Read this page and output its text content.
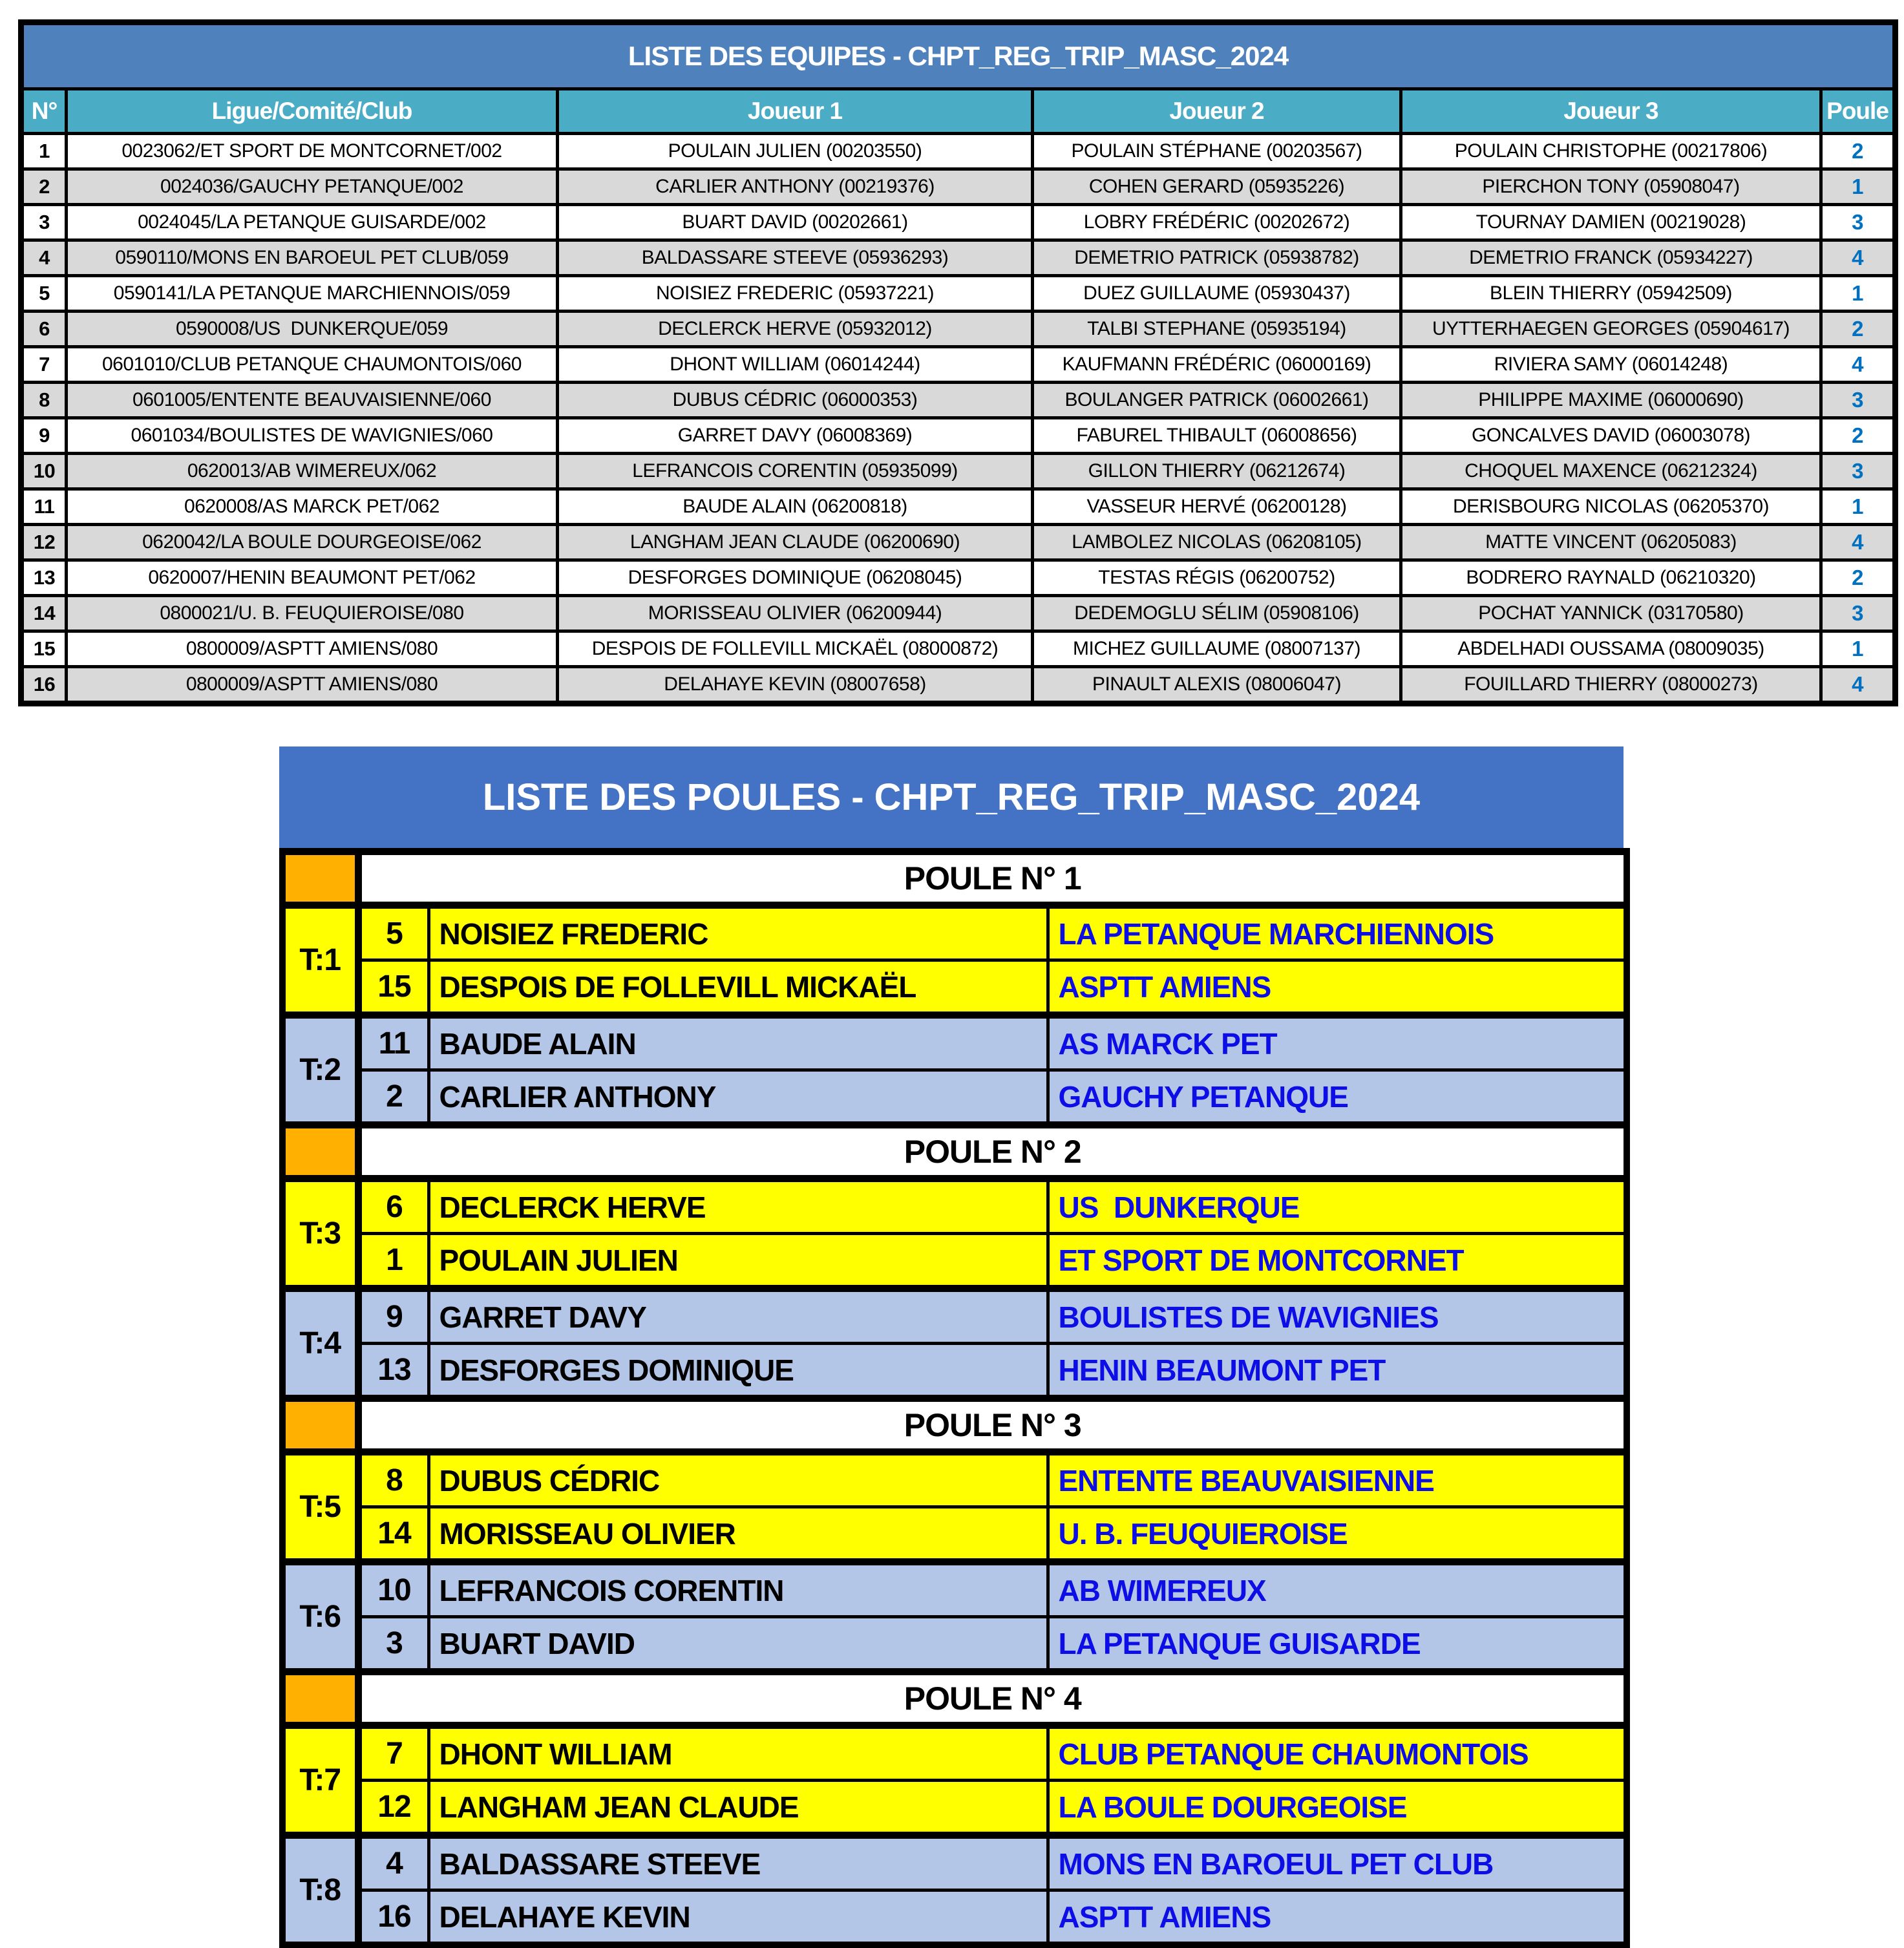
LISTE DES EQUIPES - CHPT_REG_TRIP_MASC_2024					
N°	Ligue/Comité/Club	Joueur 1	Joueur 2	Joueur 3	Poule
1	0023062/ET SPORT DE MONTCORNET/002	POULAIN JULIEN (00203550)	POULAIN STÉPHANE (00203567)	POULAIN CHRISTOPHE (00217806)	2
2	0024036/GAUCHY PETANQUE/002	CARLIER ANTHONY (00219376)	COHEN GERARD (05935226)	PIERCHON TONY (05908047)	1
3	0024045/LA PETANQUE GUISARDE/002	BUART DAVID (00202661)	LOBRY FRÉDÉRIC (00202672)	TOURNAY DAMIEN (00219028)	3
4	0590110/MONS EN BAROEUL PET CLUB/059	BALDASSARE STEEVE (05936293)	DEMETRIO PATRICK (05938782)	DEMETRIO FRANCK (05934227)	4
5	0590141/LA PETANQUE MARCHIENNOIS/059	NOISIEZ FREDERIC (05937221)	DUEZ GUILLAUME (05930437)	BLEIN THIERRY (05942509)	1
6	0590008/US  DUNKERQUE/059	DECLERCK HERVE (05932012)	TALBI STEPHANE (05935194)	UYTTERHAEGEN GEORGES (05904617)	2
7	0601010/CLUB PETANQUE CHAUMONTOIS/060	DHONT WILLIAM (06014244)	KAUFMANN FRÉDÉRIC (06000169)	RIVIERA SAMY (06014248)	4
8	0601005/ENTENTE BEAUVAISIENNE/060	DUBUS CÉDRIC (06000353)	BOULANGER PATRICK (06002661)	PHILIPPE MAXIME (06000690)	3
9	0601034/BOULISTES DE WAVIGNIES/060	GARRET DAVY (06008369)	FABUREL THIBAULT (06008656)	GONCALVES DAVID (06003078)	2
10	0620013/AB WIMEREUX/062	LEFRANCOIS CORENTIN (05935099)	GILLON THIERRY (06212674)	CHOQUEL MAXENCE (06212324)	3
11	0620008/AS MARCK PET/062	BAUDE ALAIN (06200818)	VASSEUR HERVÉ (06200128)	DERISBOURG NICOLAS (06205370)	1
12	0620042/LA BOULE DOURGEOISE/062	LANGHAM JEAN CLAUDE (06200690)	LAMBOLEZ NICOLAS (06208105)	MATTE VINCENT (06205083)	4
13	0620007/HENIN BEAUMONT PET/062	DESFORGES DOMINIQUE (06208045)	TESTAS RÉGIS (06200752)	BODRERO RAYNALD (06210320)	2
14	0800021/U. B. FEUQUIEROISE/080	MORISSEAU OLIVIER (06200944)	DEDEMOGLU SÉLIM (05908106)	POCHAT YANNICK (03170580)	3
15	0800009/ASPTT AMIENS/080	DESPOIS DE FOLLEVILL MICKAËL (08000872)	MICHEZ GUILLAUME (08007137)	ABDELHADI OUSSAMA (08009035)	1
16	0800009/ASPTT AMIENS/080	DELAHAYE KEVIN (08007658)	PINAULT ALEXIS (08006047)	FOUILLARD THIERRY (08000273)	4
LISTE DES POULES - CHPT_REG_TRIP_MASC_2024
	POULE N° 1		
T:1	5	NOISIEZ FREDERIC	LA PETANQUE MARCHIENNOIS
	15	DESPOIS DE FOLLEVILL MICKAËL	ASPTT AMIENS
T:2	11	BAUDE ALAIN	AS MARCK PET
	2	CARLIER ANTHONY	GAUCHY PETANQUE
	POULE N° 2		
T:3	6	DECLERCK HERVE	US  DUNKERQUE
	1	POULAIN JULIEN	ET SPORT DE MONTCORNET
T:4	9	GARRET DAVY	BOULISTES DE WAVIGNIES
	13	DESFORGES DOMINIQUE	HENIN BEAUMONT PET
	POULE N° 3		
T:5	8	DUBUS CÉDRIC	ENTENTE BEAUVAISIENNE
	14	MORISSEAU OLIVIER	U. B. FEUQUIEROISE
T:6	10	LEFRANCOIS CORENTIN	AB WIMEREUX
	3	BUART DAVID	LA PETANQUE GUISARDE
	POULE N° 4		
T:7	7	DHONT WILLIAM	CLUB PETANQUE CHAUMONTOIS
	12	LANGHAM JEAN CLAUDE	LA BOULE DOURGEOISE
T:8	4	BALDASSARE STEEVE	MONS EN BAROEUL PET CLUB
	16	DELAHAYE KEVIN	ASPTT AMIENS
